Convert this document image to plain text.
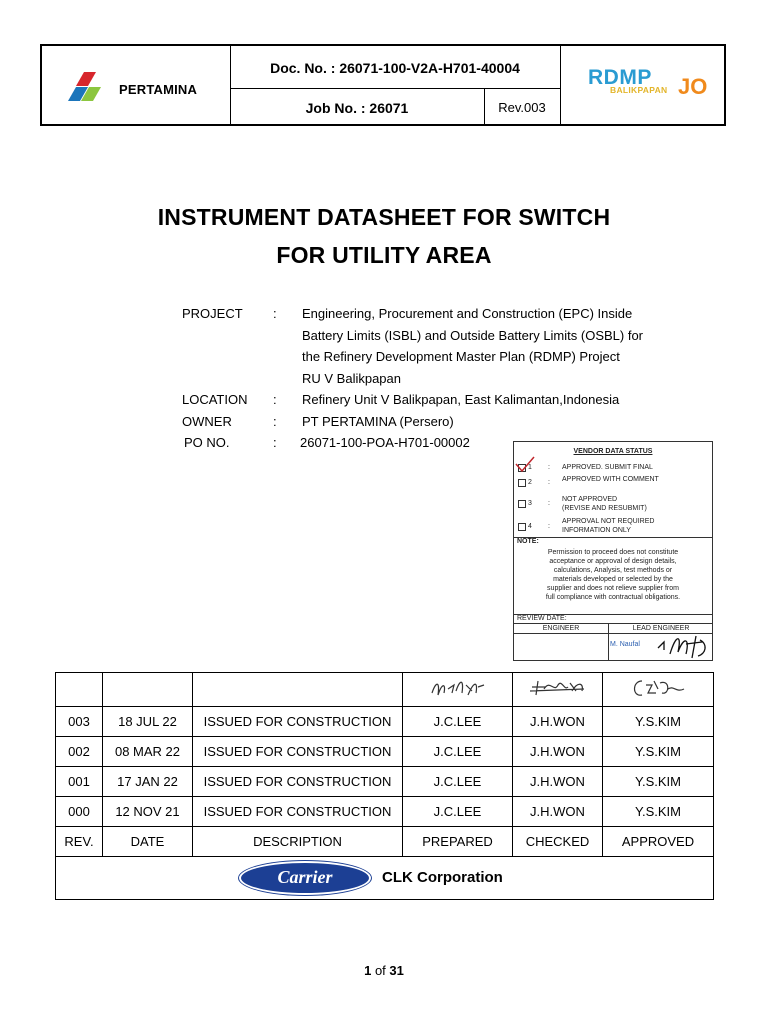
PERTAMINA
Doc. No. : 26071-100-V2A-H701-40004
Job No. : 26071	Rev.003
RDMP
BALIKPAPAN JO
INSTRUMENT DATASHEET FOR SWITCH
FOR UTILITY AREA
PROJECT : Engineering, Procurement and Construction (EPC) Inside
Battery Limits (ISBL) and Outside Battery Limits (OSBL) for
the Refinery Development Master Plan (RDMP) Project
RU V Balikpapan
LOCATION : Refinery Unit V Balikpapan, East Kalimantan,Indonesia
OWNER	: PT PERTAMINA (Persero)
PO NO.	: 26071-100-POA-H701-00002
VENDOR DATA STATUS
1 : APPROVED. SUBMIT FINAL
2 : APPROVED WITH COMMENT
3 :
NOT APPROVED
(REVISE AND RESUBMIT)
4 :
APPROVAL NOT REQUIRED
INFORMATION ONLY
NOTE:
Permission to proceed does not constitute
acceptance or approval of design details,
calculations, Analysis, test methods or
materials developed or selected by the
supplier and does not relieve supplier from
full compliance with contractual obligations.
REVIEW DATE:
ENGINEER	LEAD ENGINEER
M. Naufal

003	18 JUL 22	ISSUED FOR CONSTRUCTION	J.C.LEE	J.H.WON	Y.S.KIM
002	08 MAR 22	ISSUED FOR CONSTRUCTION	J.C.LEE	J.H.WON	Y.S.KIM
001	17 JAN 22	ISSUED FOR CONSTRUCTION	J.C.LEE	J.H.WON	Y.S.KIM
000	12 NOV 21	ISSUED FOR CONSTRUCTION	J.C.LEE	J.H.WON	Y.S.KIM
REV.	DATE	DESCRIPTION	PREPARED	CHECKED	APPROVED

Carrier CLK Corporation					
1 of 31
